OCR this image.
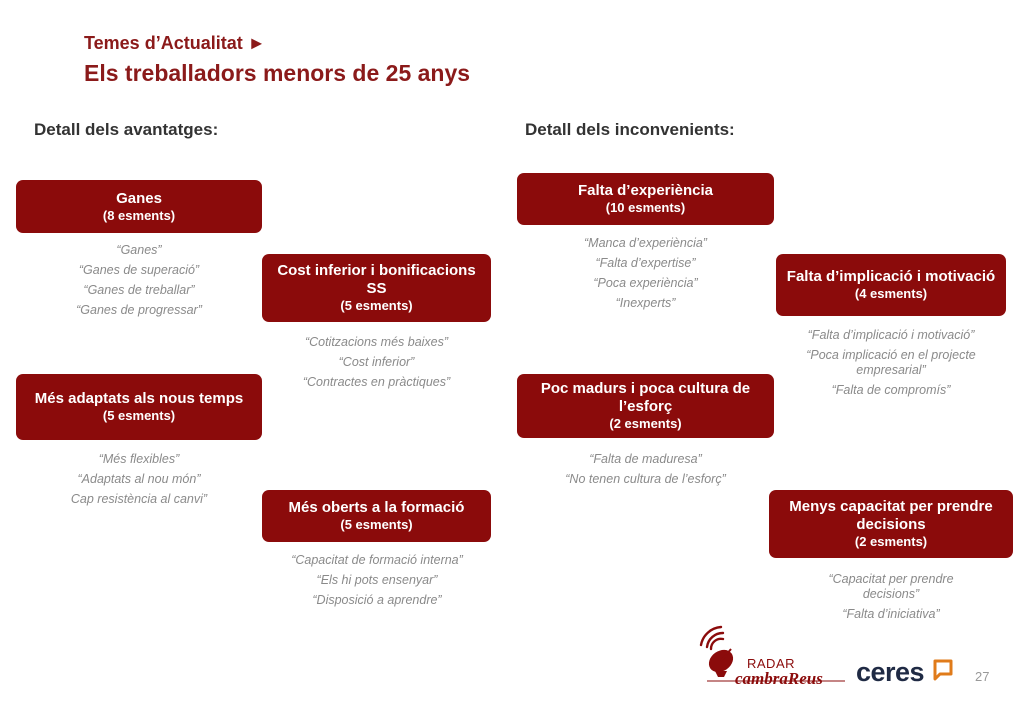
Temes d’Actualitat ►
Els treballadors menors de 25 anys
Detall dels avantatges:	Detall dels inconvenients:
Ganes
(8 esments)
“Ganes”
“Ganes de superació”
“Ganes de treballar”
“Ganes de progressar”
Cost inferior i bonificacions SS
(5 esments)
“Cotitzacions més baixes”
“Cost inferior”
“Contractes en pràctiques”
Més adaptats als nous temps
(5 esments)
“Més flexibles”
“Adaptats al nou món”
Cap resistència al canvi”	Més oberts a la formació
(5 esments)
“Capacitat de formació interna”
“Els hi pots ensenyar”
“Disposició a aprendre”
Falta d’experiència
(10 esments)
“Manca d’experiència”
“Falta d’expertise”
“Poca experiència”
“Inexperts”
Falta d’implicació i motivació
(4 esments)
“Falta d’implicació i motivació”
“Poca implicació en el projecte empresarial”
“Falta de compromís”
Poc madurs i poca cultura de l’esforç
(2 esments)
“Falta de maduresa”
“No tenen cultura de l’esforç”
Menys capacitat per prendre decisions
(2 esments)
“Capacitat per prendre decisions”
“Falta d’iniciativa”
RADAR
cambraReus ceres	27
